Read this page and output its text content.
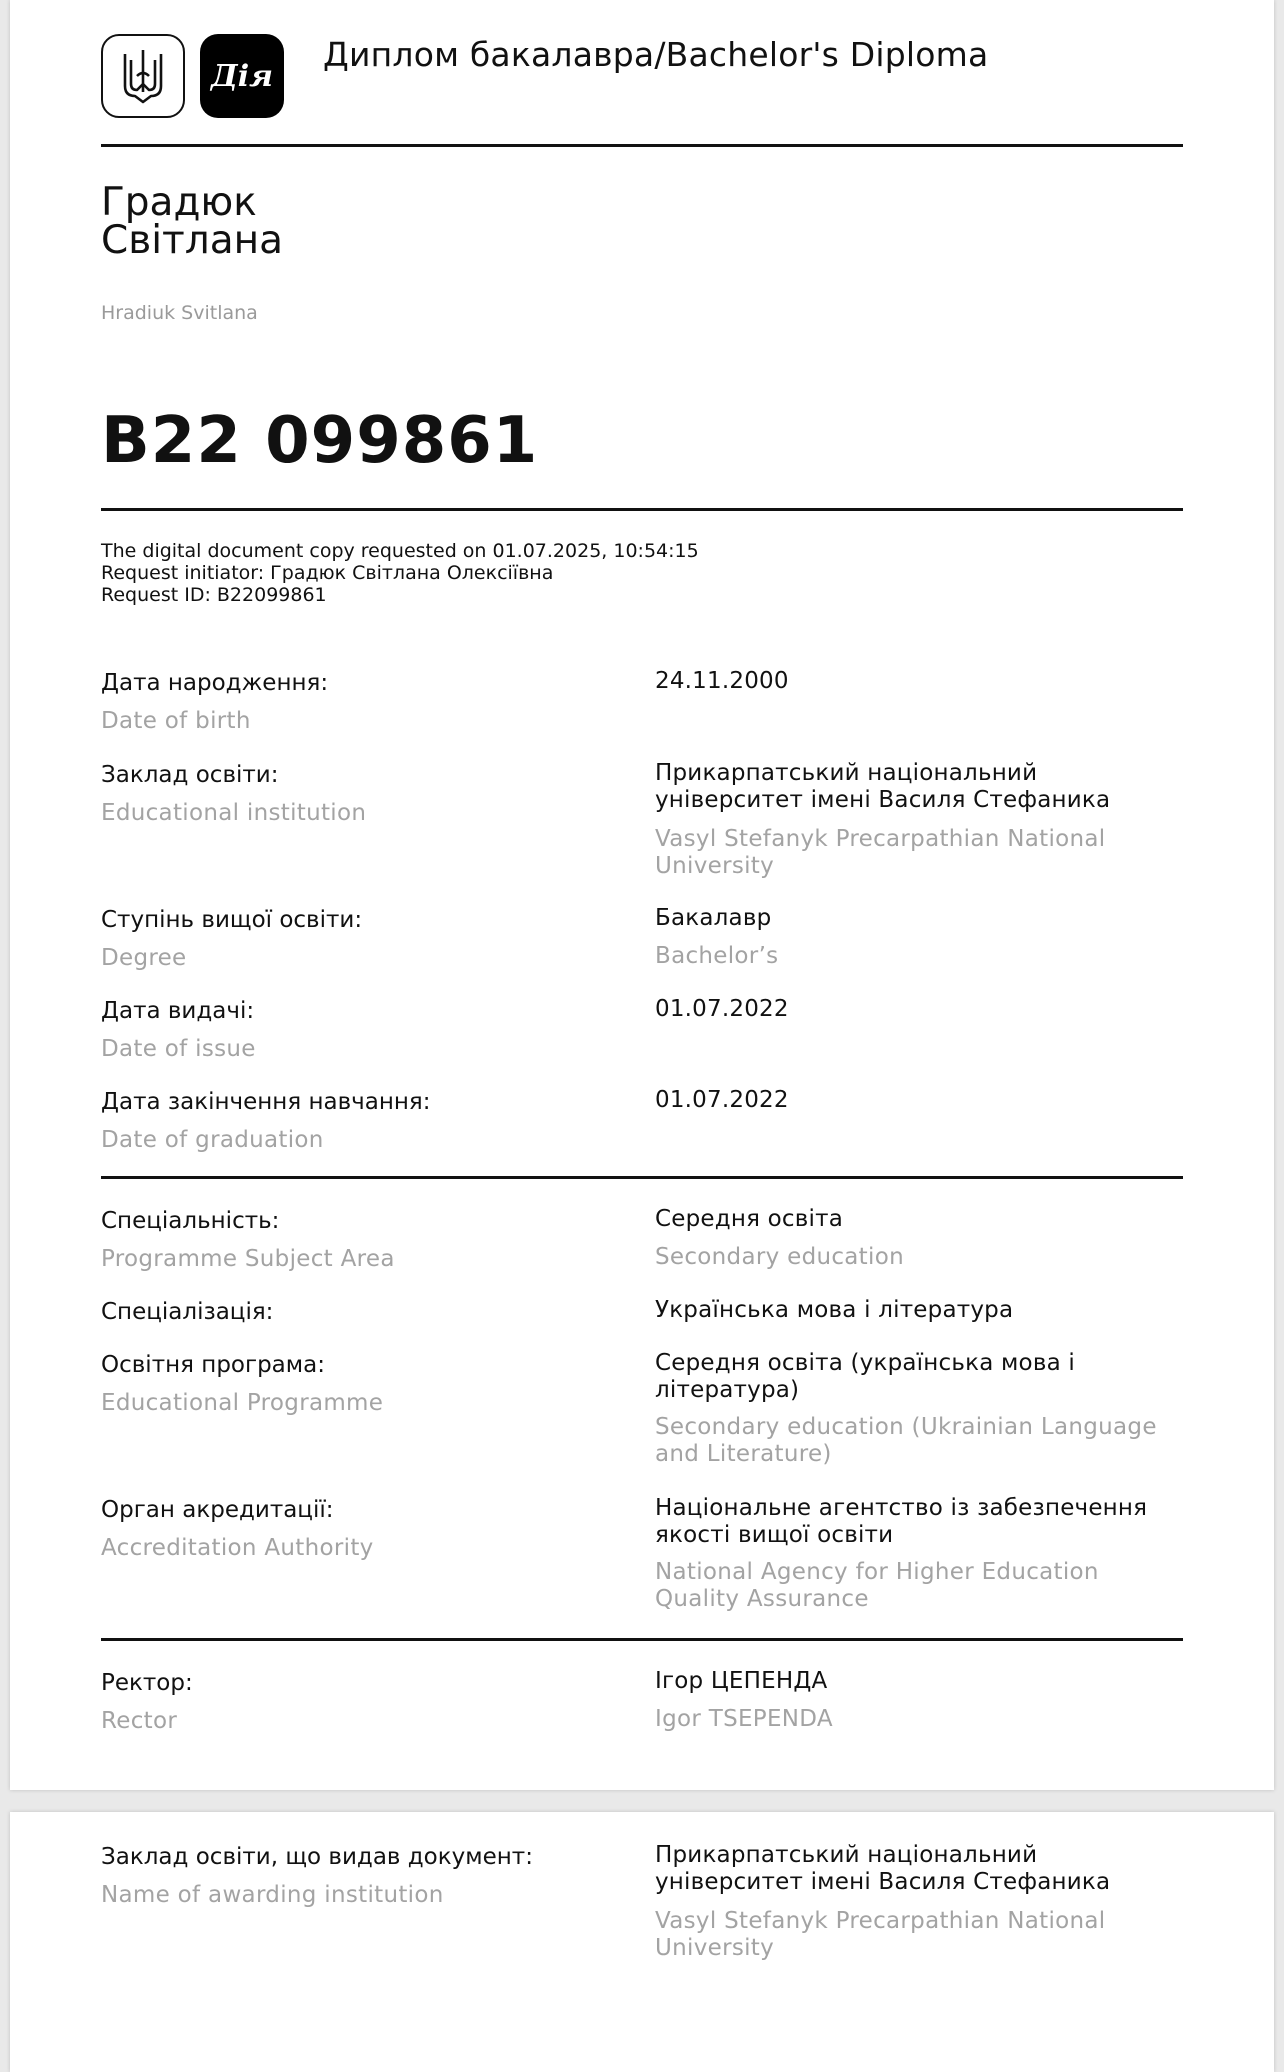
Дія
Диплом бакалавра/Bachelor's Diploma
Градюк
Світлана
Hradiuk Svitlana
B22 099861
The digital document copy requested on 01.07.2025, 10:54:15
Request initiator: Градюк Світлана Олексіївна
Request ID: B22099861
Дата народження:
Date of birth
24.11.2000
Заклад освіти:
Educational institution
Прикарпатський національний університет імені Василя Стефаника
Vasyl Stefanyk Precarpathian National University
Ступінь вищої освіти:
Degree
Бакалавр
Bachelor’s
Дата видачі:
Date of issue
01.07.2022
Дата закінчення навчання:
Date of graduation
01.07.2022
Спеціальність:
Programme Subject Area
Середня освіта
Secondary education
Спеціалізація:	Українська мова і література
Освітня програма:
Educational Programme
Середня освіта (українська мова і література)
Secondary education (Ukrainian Language and Literature)
Орган акредитації:
Accreditation Authority
Національне агентство із забезпечення якості вищої освіти
National Agency for Higher Education Quality Assurance
Ректор:
Rector
Ігор ЦЕПЕНДА
Igor TSEPENDA
Заклад освіти, що видав документ:
Name of awarding institution
Прикарпатський національний університет імені Василя Стефаника
Vasyl Stefanyk Precarpathian National University
